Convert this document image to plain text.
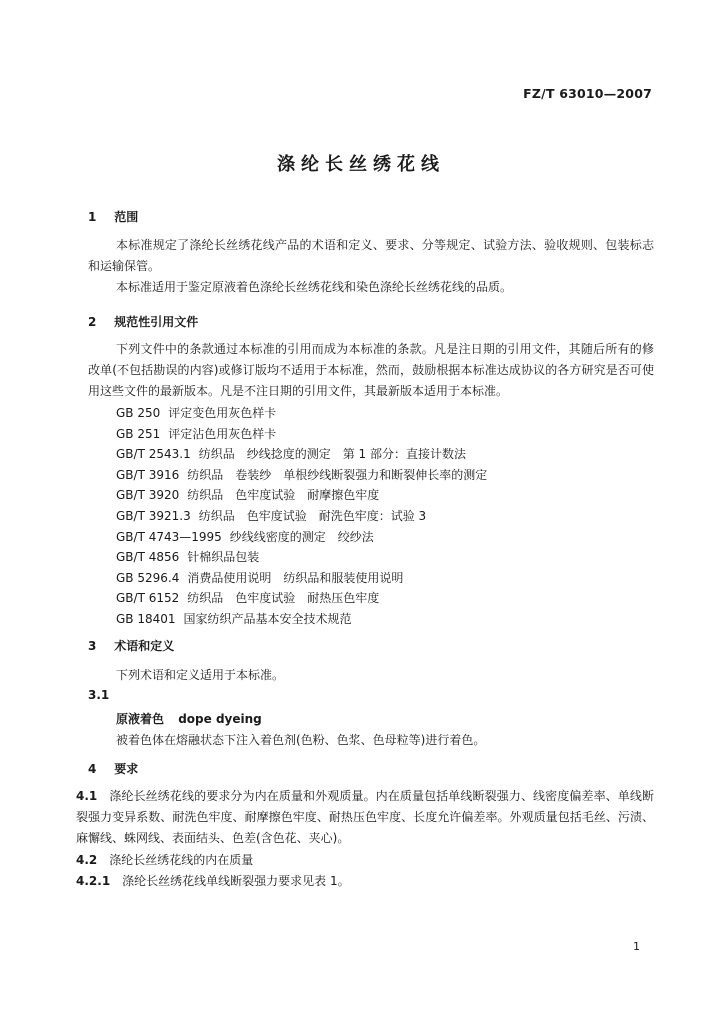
FZ/T 63010—2007
涤纶长丝绣花线
1 范围
本标准规定了涤纶长丝绣花线产品的术语和定义、要求、分等规定、试验方法、验收规则、包装标志和运输保管。
本标准适用于鉴定原液着色涤纶长丝绣花线和染色涤纶长丝绣花线的品质。
2 规范性引用文件
下列文件中的条款通过本标准的引用而成为本标准的条款。凡是注日期的引用文件，其随后所有的修改单(不包括勘误的内容)或修订版均不适用于本标准，然而，鼓励根据本标准达成协议的各方研究是否可使用这些文件的最新版本。凡是不注日期的引用文件，其最新版本适用于本标准。
GB 250 评定变色用灰色样卡
GB 251 评定沾色用灰色样卡
GB/T 2543.1 纺织品　纱线捻度的测定　第 1 部分：直接计数法
GB/T 3916 纺织品　卷装纱　单根纱线断裂强力和断裂伸长率的测定
GB/T 3920 纺织品　色牢度试验　耐摩擦色牢度
GB/T 3921.3 纺织品　色牢度试验　耐洗色牢度：试验 3
GB/T 4743—1995 纱线线密度的测定　绞纱法
GB/T 4856 针棉织品包装
GB 5296.4 消费品使用说明　纺织品和服装使用说明
GB/T 6152 纺织品　色牢度试验　耐热压色牢度
GB 18401 国家纺织产品基本安全技术规范
3 术语和定义
下列术语和定义适用于本标准。
3.1
原液着色 dope dyeing
被着色体在熔融状态下注入着色剂(色粉、色浆、色母粒等)进行着色。
4 要求
4.1 涤纶长丝绣花线的要求分为内在质量和外观质量。内在质量包括单线断裂强力、线密度偏差率、单线断裂强力变异系数、耐洗色牢度、耐摩擦色牢度、耐热压色牢度、长度允许偏差率。外观质量包括毛丝、污渍、麻懈线、蛛网线、表面结头、色差(含色花、夹心)。
4.2 涤纶长丝绣花线的内在质量
4.2.1 涤纶长丝绣花线单线断裂强力要求见表 1。
1
